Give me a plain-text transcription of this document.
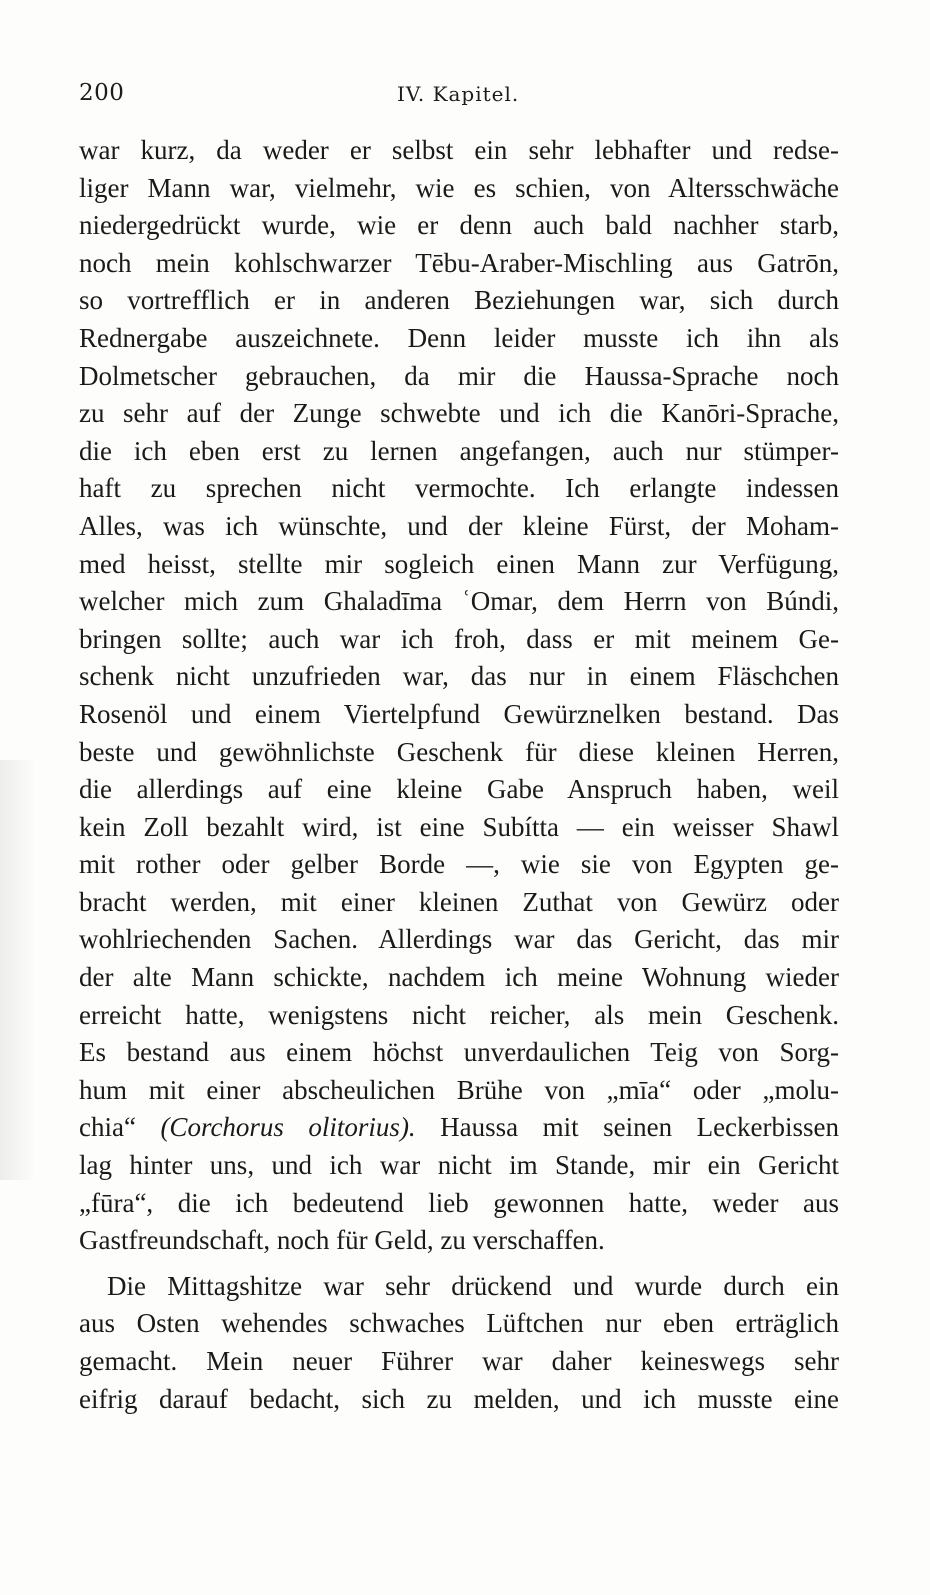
200	IV. Kapitel.
war kurz, da weder er selbst ein sehr lebhafter und redse-
liger Mann war, vielmehr, wie es schien, von Altersschwäche
niedergedrückt wurde, wie er denn auch bald nachher starb,
noch mein kohlschwarzer Tēbu-Araber-Mischling aus Gatrōn,
so vortrefflich er in anderen Beziehungen war, sich durch
Rednergabe auszeichnete. Denn leider musste ich ihn als
Dolmetscher gebrauchen, da mir die Haussa-Sprache noch
zu sehr auf der Zunge schwebte und ich die Kanōri-Sprache,
die ich eben erst zu lernen angefangen, auch nur stümper-
haft zu sprechen nicht vermochte. Ich erlangte indessen
Alles, was ich wünschte, und der kleine Fürst, der Moham-
med heisst, stellte mir sogleich einen Mann zur Verfügung,
welcher mich zum Ghaladīma ʿOmar, dem Herrn von Búndi,
bringen sollte; auch war ich froh, dass er mit meinem Ge-
schenk nicht unzufrieden war, das nur in einem Fläschchen
Rosenöl und einem Viertelpfund Gewürznelken bestand. Das
beste und gewöhnlichste Geschenk für diese kleinen Herren,
die allerdings auf eine kleine Gabe Anspruch haben, weil
kein Zoll bezahlt wird, ist eine Subítta — ein weisser Shawl
mit rother oder gelber Borde —, wie sie von Egypten ge-
bracht werden, mit einer kleinen Zuthat von Gewürz oder
wohlriechenden Sachen. Allerdings war das Gericht, das mir
der alte Mann schickte, nachdem ich meine Wohnung wieder
erreicht hatte, wenigstens nicht reicher, als mein Geschenk.
Es bestand aus einem höchst unverdaulichen Teig von Sorg-
hum mit einer abscheulichen Brühe von „mīa“ oder „molu-
chia“ (Corchorus olitorius). Haussa mit seinen Leckerbissen
lag hinter uns, und ich war nicht im Stande, mir ein Gericht
„fūra“, die ich bedeutend lieb gewonnen hatte, weder aus
Gastfreundschaft, noch für Geld, zu verschaffen.
Die Mittagshitze war sehr drückend und wurde durch ein
aus Osten wehendes schwaches Lüftchen nur eben erträglich
gemacht. Mein neuer Führer war daher keineswegs sehr
eifrig darauf bedacht, sich zu melden, und ich musste eine
